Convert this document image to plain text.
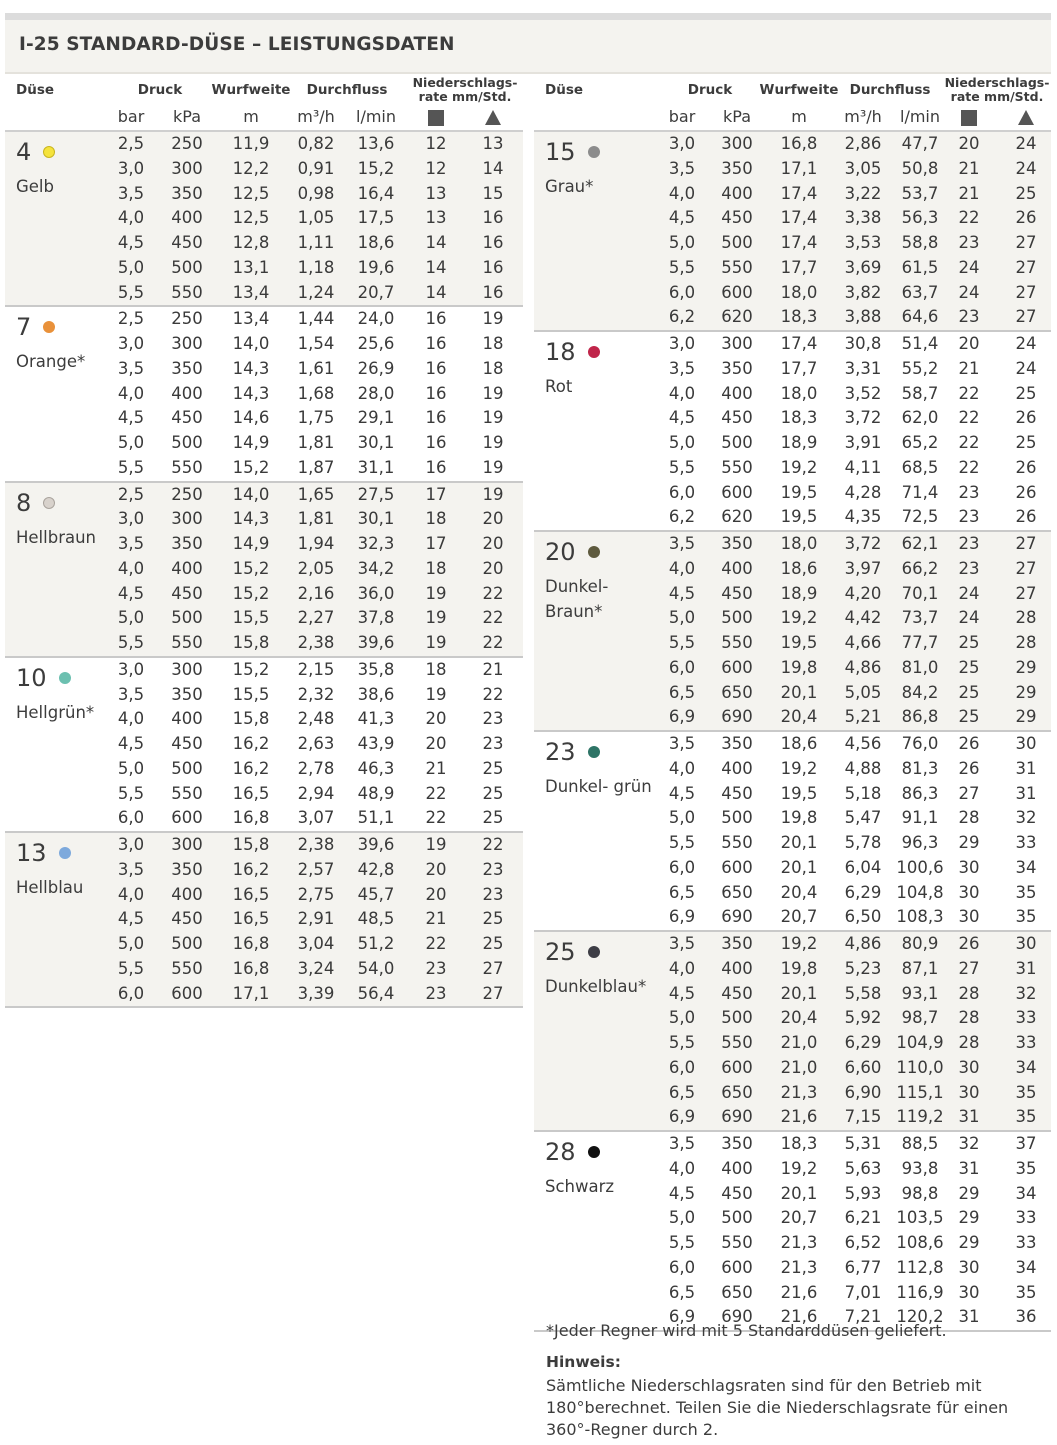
I-25 STANDARD-DÜSE – LEISTUNGSDATEN
Düse	Druck Wurfweite Durchfluss Niederschlags-
rate mm/Std.
bar kPa	m m³/h l/min
4
Gelb
2,5 250 11,9 0,82 13,6 12 13
3,0 300 12,2 0,91 15,2 12 14
3,5 350 12,5 0,98 16,4 13 15
4,0 400 12,5 1,05 17,5 13 16
4,5 450 12,8 1,11 18,6 14 16
5,0 500 13,1 1,18 19,6 14 16
5,5 550 13,4 1,24 20,7 14 16
7
Orange*
2,5 250 13,4 1,44 24,0 16 19
3,0 300 14,0 1,54 25,6 16 18
3,5 350 14,3 1,61 26,9 16 18
4,0 400 14,3 1,68 28,0 16 19
4,5 450 14,6 1,75 29,1 16 19
5,0 500 14,9 1,81 30,1 16 19
5,5 550 15,2 1,87 31,1 16 19
8
Hellbraun
2,5 250 14,0 1,65 27,5 17 19
3,0 300 14,3 1,81 30,1 18 20
3,5 350 14,9 1,94 32,3 17 20
4,0 400 15,2 2,05 34,2 18 20
4,5 450 15,2 2,16 36,0 19 22
5,0 500 15,5 2,27 37,8 19 22
5,5 550 15,8 2,38 39,6 19 22
10
Hellgrün*
3,0 300 15,2 2,15 35,8 18 21
3,5 350 15,5 2,32 38,6 19 22
4,0 400 15,8 2,48 41,3 20 23
4,5 450 16,2 2,63 43,9 20 23
5,0 500 16,2 2,78 46,3 21 25
5,5 550 16,5 2,94 48,9 22 25
6,0 600 16,8 3,07 51,1 22 25
13
Hellblau
3,0 300 15,8 2,38 39,6 19 22
3,5 350 16,2 2,57 42,8 20 23
4,0 400 16,5 2,75 45,7 20 23
4,5 450 16,5 2,91 48,5 21 25
5,0 500 16,8 3,04 51,2 22 25
5,5 550 16,8 3,24 54,0 23 27
6,0 600 17,1 3,39 56,4 23 27
Düse	Druck Wurfweite Durchfluss Niederschlags-
rate mm/Std.
bar kPa	m m³/h l/min
15
Grau*
3,0 300 16,8 2,86 47,7 20 24
3,5 350 17,1 3,05 50,8 21 24
4,0 400 17,4 3,22 53,7 21 25
4,5 450 17,4 3,38 56,3 22 26
5,0 500 17,4 3,53 58,8 23 27
5,5 550 17,7 3,69 61,5 24 27
6,0 600 18,0 3,82 63,7 24 27
6,2 620 18,3 3,88 64,6 23 27
18
Rot
3,0 300 17,4 30,8 51,4 20 24
3,5 350 17,7 3,31 55,2 21 24
4,0 400 18,0 3,52 58,7 22 25
4,5 450 18,3 3,72 62,0 22 26
5,0 500 18,9 3,91 65,2 22 25
5,5 550 19,2 4,11 68,5 22 26
6,0 600 19,5 4,28 71,4 23 26
6,2 620 19,5 4,35 72,5 23 26
20
Dunkel-
Braun*
3,5 350 18,0 3,72 62,1 23 27
4,0 400 18,6 3,97 66,2 23 27
4,5 450 18,9 4,20 70,1 24 27
5,0 500 19,2 4,42 73,7 24 28
5,5 550 19,5 4,66 77,7 25 28
6,0 600 19,8 4,86 81,0 25 29
6,5 650 20,1 5,05 84,2 25 29
6,9 690 20,4 5,21 86,8 25 29
23
Dunkel- grün
3,5 350 18,6 4,56 76,0 26 30
4,0 400 19,2 4,88 81,3 26 31
4,5 450 19,5 5,18 86,3 27 31
5,0 500 19,8 5,47 91,1 28 32
5,5 550 20,1 5,78 96,3 29 33
6,0 600 20,1 6,04 100,6 30 34
6,5 650 20,4 6,29 104,8 30 35
6,9 690 20,7 6,50 108,3 30 35
25
Dunkelblau*
3,5 350 19,2 4,86 80,9 26 30
4,0 400 19,8 5,23 87,1 27 31
4,5 450 20,1 5,58 93,1 28 32
5,0 500 20,4 5,92 98,7 28 33
5,5 550 21,0 6,29 104,9 28 33
6,0 600 21,0 6,60 110,0 30 34
6,5 650 21,3 6,90 115,1 30 35
6,9 690 21,6 7,15 119,2 31 35
28
Schwarz
3,5 350 18,3 5,31 88,5 32 37
4,0 400 19,2 5,63 93,8 31 35
4,5 450 20,1 5,93 98,8 29 34
5,0 500 20,7 6,21 103,5 29 33
5,5 550 21,3 6,52 108,6 29 33
6,0 600 21,3 6,77 112,8 30 34
6,5 650 21,6 7,01 116,9 30 35
6,9 690 21,6 7,21 120,2 31 36
*Jeder Regner wird mit 5 Standarddüsen geliefert.
Hinweis:
Sämtliche Niederschlagsraten sind für den Betrieb mit 180°berechnet. Teilen Sie die Niederschlagsrate für einen 360°-Regner durch 2.
